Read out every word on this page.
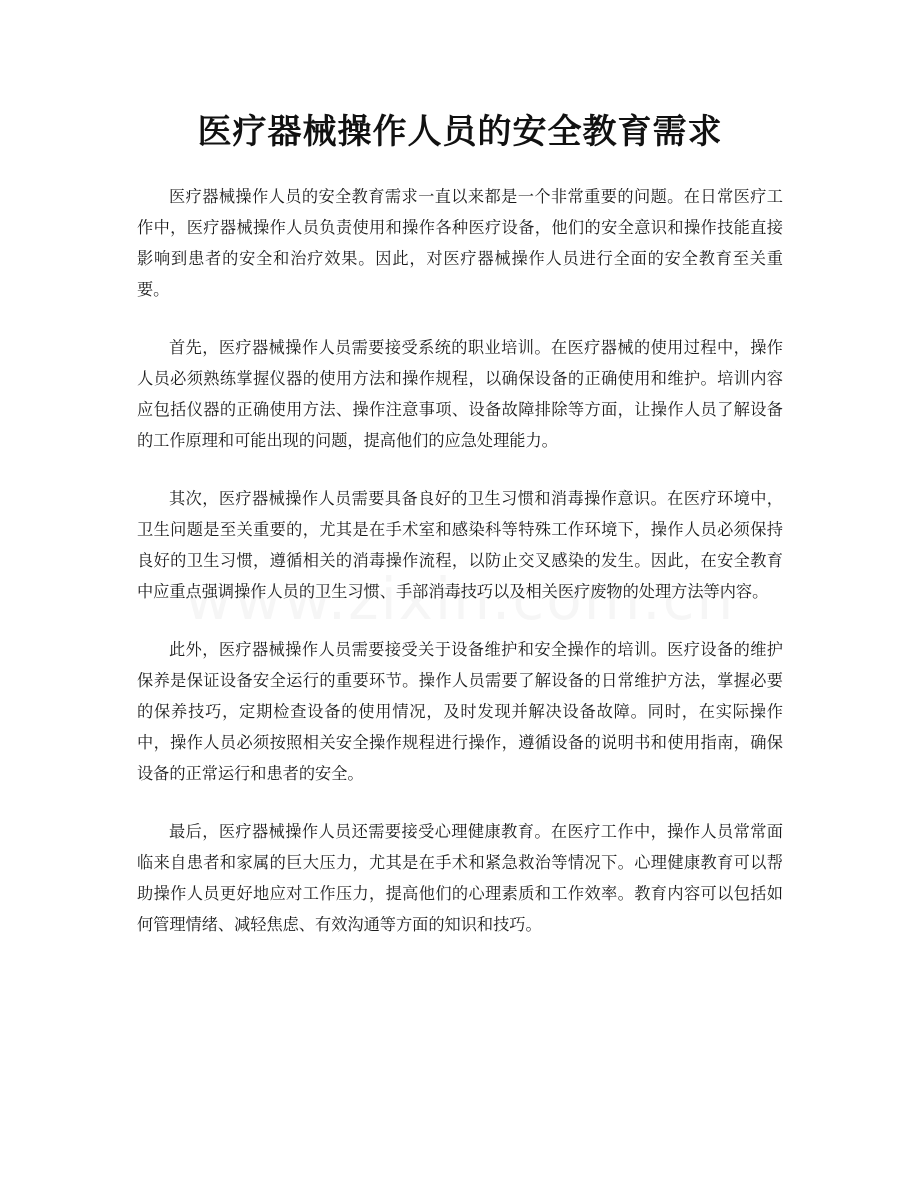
医疗器械操作人员的安全教育需求

医疗器械操作人员的安全教育需求一直以来都是一个非常重要的问题。在日常医疗工作中，医疗器械操作人员负责使用和操作各种医疗设备，他们的安全意识和操作技能直接影响到患者的安全和治疗效果。因此，对医疗器械操作人员进行全面的安全教育至关重要。

首先，医疗器械操作人员需要接受系统的职业培训。在医疗器械的使用过程中，操作人员必须熟练掌握仪器的使用方法和操作规程，以确保设备的正确使用和维护。培训内容应包括仪器的正确使用方法、操作注意事项、设备故障排除等方面，让操作人员了解设备的工作原理和可能出现的问题，提高他们的应急处理能力。

其次，医疗器械操作人员需要具备良好的卫生习惯和消毒操作意识。在医疗环境中，卫生问题是至关重要的，尤其是在手术室和感染科等特殊工作环境下，操作人员必须保持良好的卫生习惯，遵循相关的消毒操作流程，以防止交叉感染的发生。因此，在安全教育中应重点强调操作人员的卫生习惯、手部消毒技巧以及相关医疗废物的处理方法等内容。

此外，医疗器械操作人员需要接受关于设备维护和安全操作的培训。医疗设备的维护保养是保证设备安全运行的重要环节。操作人员需要了解设备的日常维护方法，掌握必要的保养技巧，定期检查设备的使用情况，及时发现并解决设备故障。同时，在实际操作中，操作人员必须按照相关安全操作规程进行操作，遵循设备的说明书和使用指南，确保设备的正常运行和患者的安全。

最后，医疗器械操作人员还需要接受心理健康教育。在医疗工作中，操作人员常常面临来自患者和家属的巨大压力，尤其是在手术和紧急救治等情况下。心理健康教育可以帮助操作人员更好地应对工作压力，提高他们的心理素质和工作效率。教育内容可以包括如何管理情绪、减轻焦虑、有效沟通等方面的知识和技巧。
